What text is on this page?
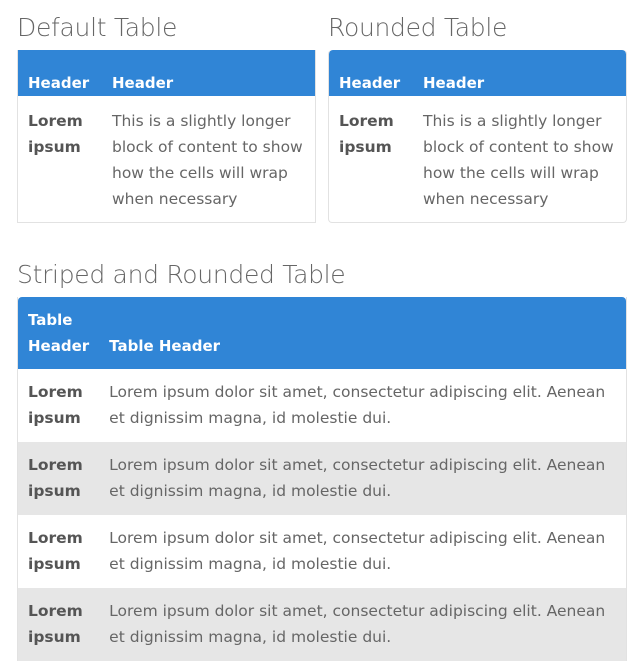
Default Table
Header	Header
Lorem ipsum	This is a slightly longer block of content to show how the cells will wrap when necessary
Rounded Table
Header	Header
Lorem ipsum	This is a slightly longer block of content to show how the cells will wrap when necessary
Striped and Rounded Table
Table Header	Table Header
Lorem ipsum	Lorem ipsum dolor sit amet, consectetur adipiscing elit. Aenean et dignissim magna, id molestie dui.
Lorem ipsum	Lorem ipsum dolor sit amet, consectetur adipiscing elit. Aenean et dignissim magna, id molestie dui.
Lorem ipsum	Lorem ipsum dolor sit amet, consectetur adipiscing elit. Aenean et dignissim magna, id molestie dui.
Lorem ipsum	Lorem ipsum dolor sit amet, consectetur adipiscing elit. Aenean et dignissim magna, id molestie dui.
